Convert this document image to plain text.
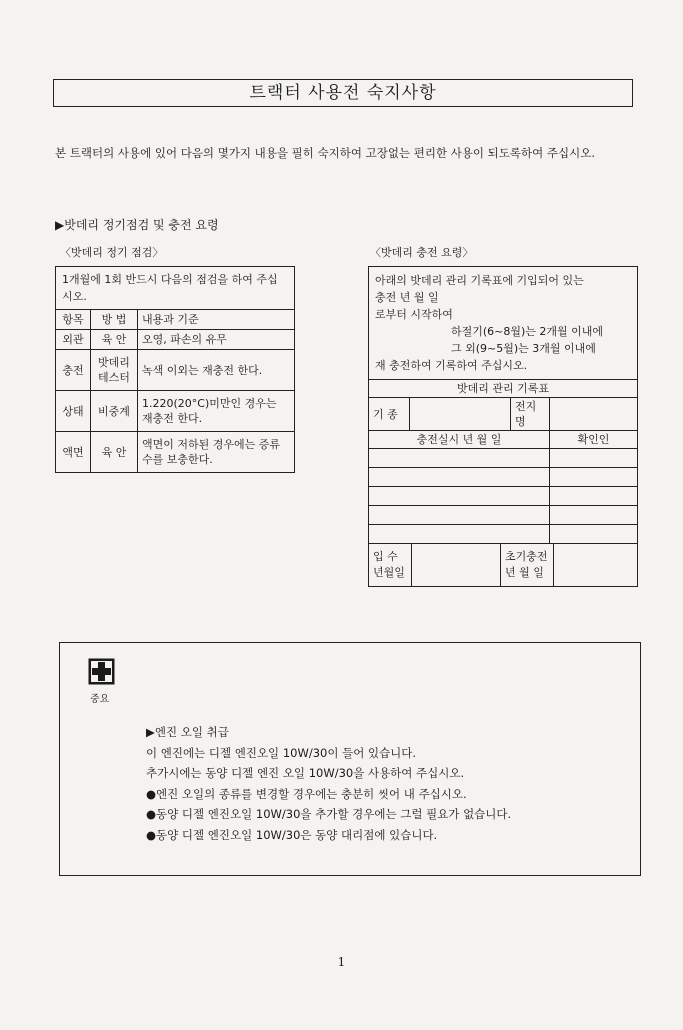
트랙터 사용전 숙지사항
본 트랙터의 사용에 있어 다음의 몇가지 내용을 필히 숙지하여 고장없는 편리한 사용이 되도록하여 주십시오.
▶밧데리 정기점검 및 충전 요령
〈밧데리 정기 점검〉	〈밧데리 충전 요령〉
1개월에 1회 반드시 다음의 점검을 하여 주십시오.		
항목	방 법	내용과 기준
외관	육 안	오영, 파손의 유무
충전	밧데리 테스터	녹색 이외는 재충전 한다.
상태	비중계	1.220(20°C)미만인 경우는 재충전 한다.
액면	육 안	액면이 저하된 경우에는 증류수를 보충한다.
아래의 밧데리 관리 기록표에 기입되어 있는
충전 년 월 일
로부터 시작하여
하절기(6~8월)는 2개월 이내에
그 외(9~5월)는 3개월 이내에
재 충전하여 기록하여 주십시오.

밧데리 관리 기록표
기 종		전지명	
충전실시 년 월 일	확인인

입 수 년월일		초기충전 년 월 일	
중요
▶엔진 오일 취급
이 엔진에는 디젤 엔진오일 10W/30이 들어 있습니다.
추가시에는 동양 디젤 엔진 오일 10W/30을 사용하여 주십시오.
●엔진 오일의 종류를 변경할 경우에는 충분히 씻어 내 주십시오.
●동양 디젤 엔진오일 10W/30을 추가할 경우에는 그럴 필요가 없습니다.
●동양 디젤 엔진오일 10W/30은 동양 대리점에 있습니다.
1
